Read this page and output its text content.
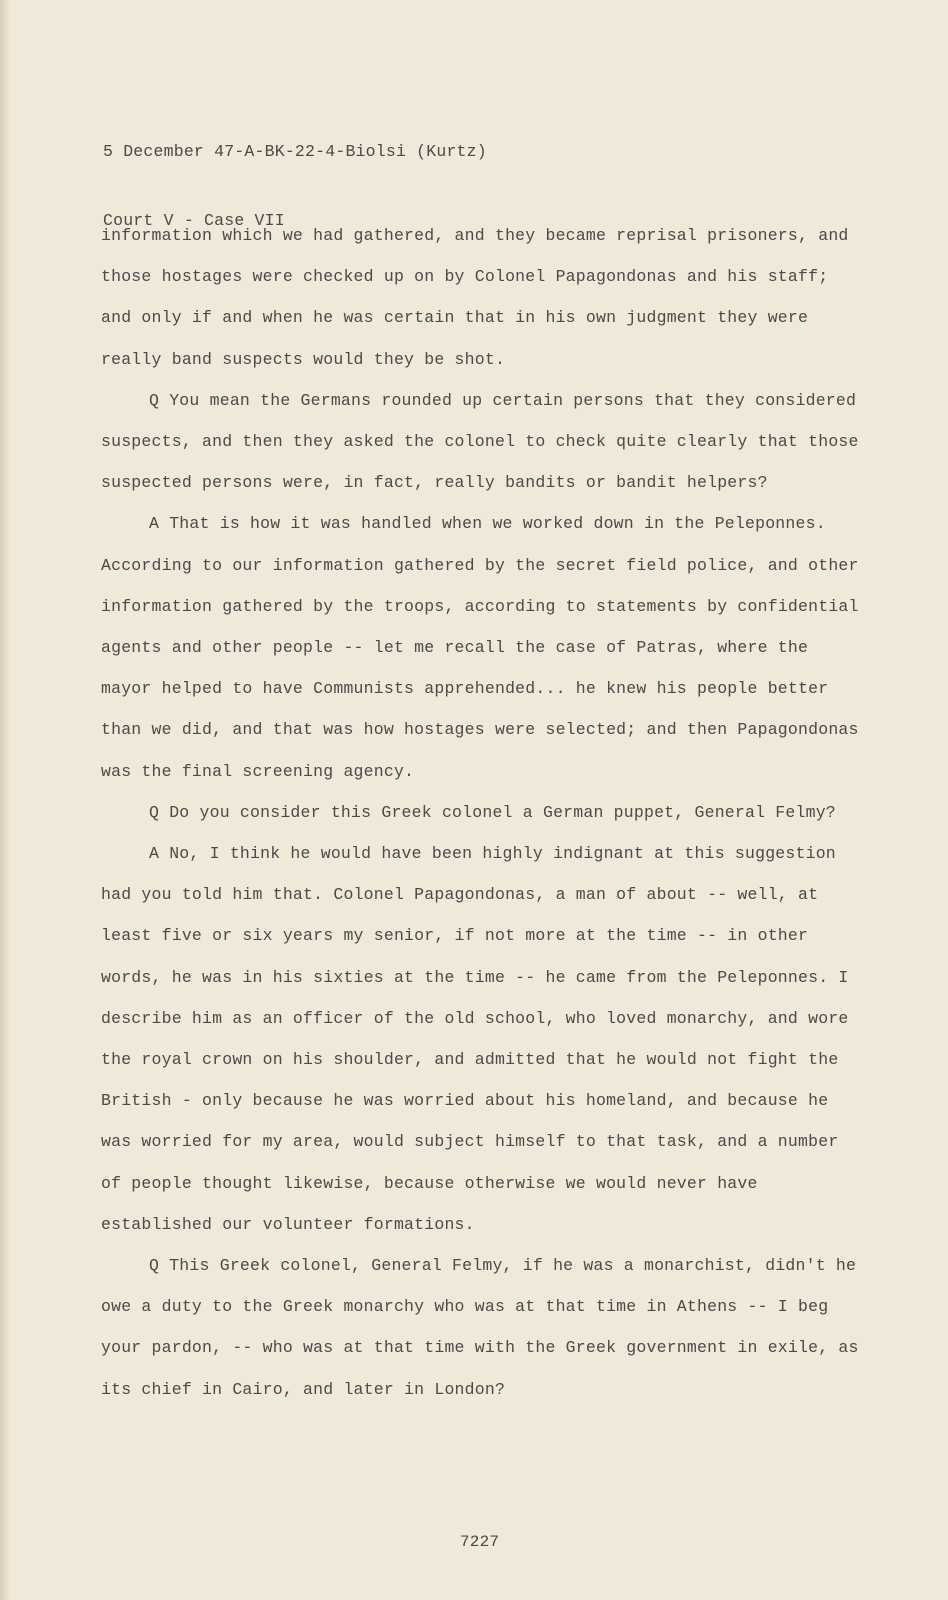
5 December 47-A-BK-22-4-Biolsi (Kurtz)

Court V - Case VII

information which we had gathered, and they became reprisal prisoners, and those hostages were checked up on by Colonel Papagondonas and his staff; and only if and when he was certain that in his own judgment they were really band suspects would they be shot.

Q You mean the Germans rounded up certain persons that they considered suspects, and then they asked the colonel to check quite clearly that those suspected persons were, in fact, really bandits or bandit helpers?

A That is how it was handled when we worked down in the Peleponnes. According to our information gathered by the secret field police, and other information gathered by the troops, according to statements by confidential agents and other people -- let me recall the case of Patras, where the mayor helped to have Communists apprehended... he knew his people better than we did, and that was how hostages were selected; and then Papagondonas was the final screening agency.

Q Do you consider this Greek colonel a German puppet, General Felmy?

A No, I think he would have been highly indignant at this suggestion had you told him that. Colonel Papagondonas, a man of about -- well, at least five or six years my senior, if not more at the time -- in other words, he was in his sixties at the time -- he came from the Peleponnes. I describe him as an officer of the old school, who loved monarchy, and wore the royal crown on his shoulder, and admitted that he would not fight the British - only because he was worried about his homeland, and because he was worried for my area, would subject himself to that task, and a number of people thought likewise, because otherwise we would never have established our volunteer formations.

Q This Greek colonel, General Felmy, if he was a monarchist, didn't he owe a duty to the Greek monarchy who was at that time in Athens -- I beg your pardon, -- who was at that time with the Greek government in exile, as its chief in Cairo, and later in London?

7227
